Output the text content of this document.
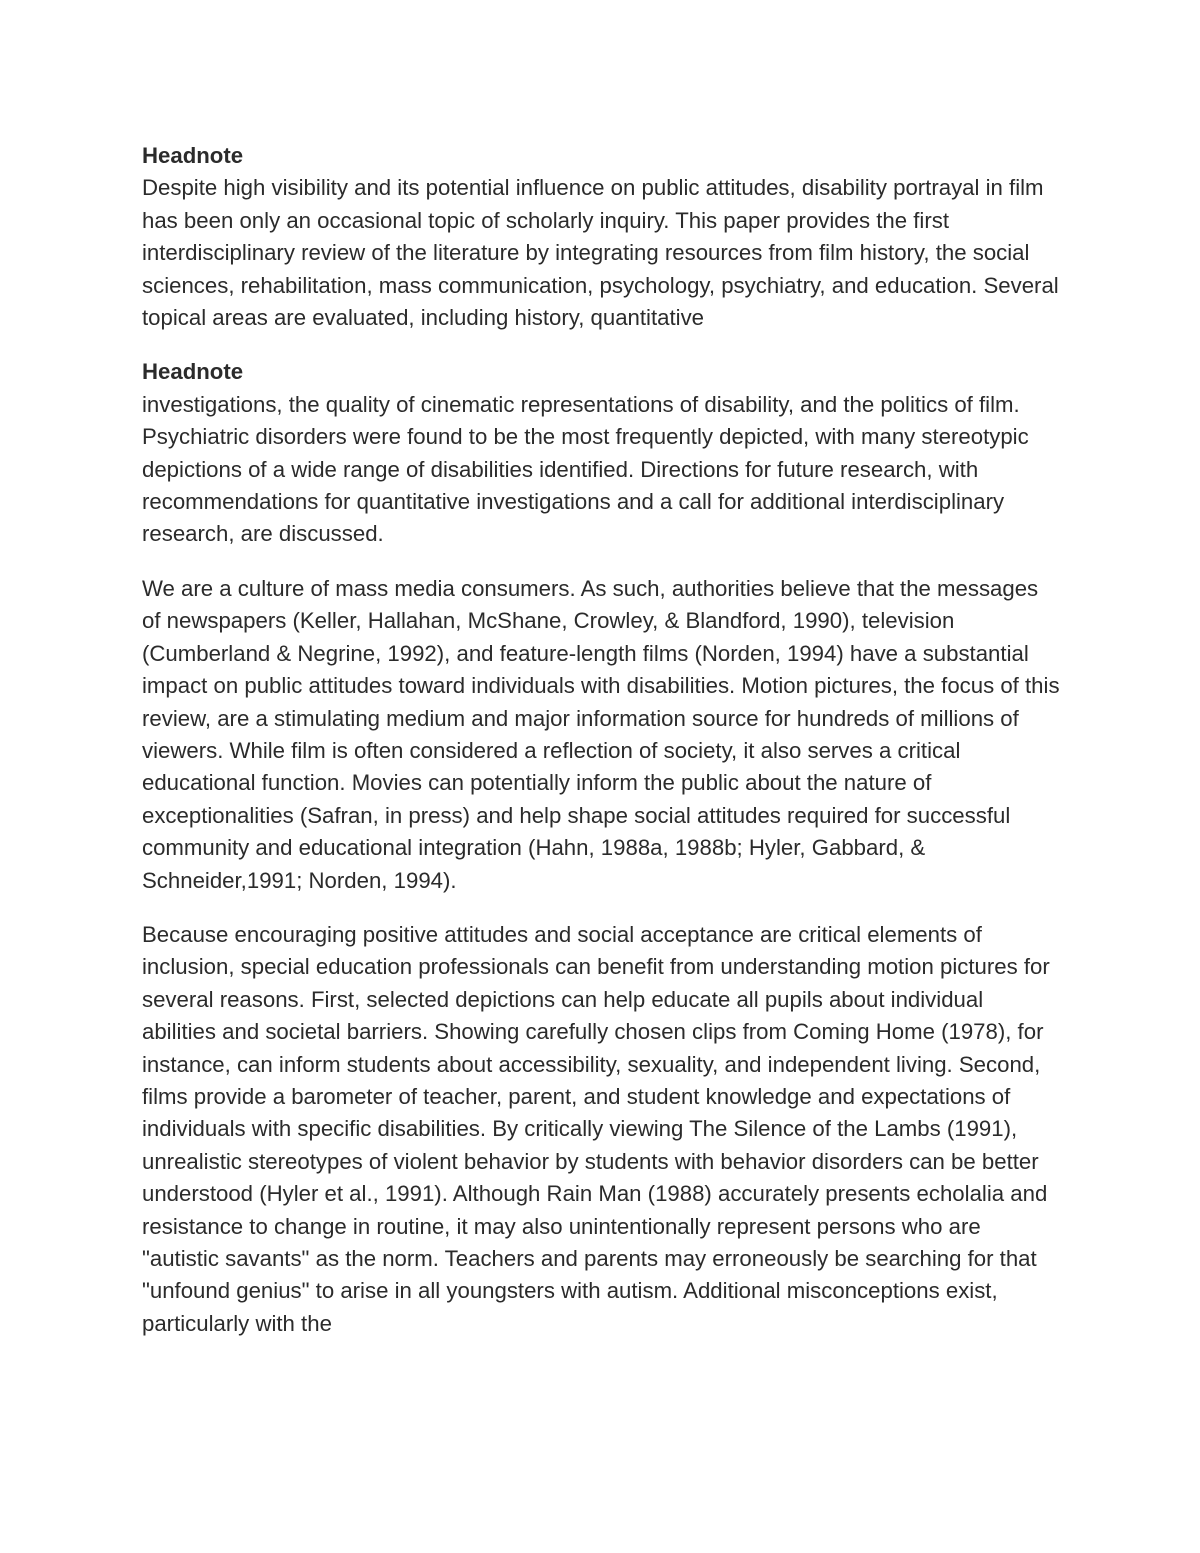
Headnote

Despite high visibility and its potential influence on public attitudes, disability portrayal in film has been only an occasional topic of scholarly inquiry. This paper provides the first interdisciplinary review of the literature by integrating resources from film history, the social sciences, rehabilitation, mass communication, psychology, psychiatry, and education. Several topical areas are evaluated, including history, quantitative

Headnote

investigations, the quality of cinematic representations of disability, and the politics of film. Psychiatric disorders were found to be the most frequently depicted, with many stereotypic depictions of a wide range of disabilities identified. Directions for future research, with recommendations for quantitative investigations and a call for additional interdisciplinary research, are discussed.

We are a culture of mass media consumers. As such, authorities believe that the messages of newspapers (Keller, Hallahan, McShane, Crowley, & Blandford, 1990), television (Cumberland & Negrine, 1992), and feature-length films (Norden, 1994) have a substantial impact on public attitudes toward individuals with disabilities. Motion pictures, the focus of this review, are a stimulating medium and major information source for hundreds of millions of viewers. While film is often considered a reflection of society, it also serves a critical educational function. Movies can potentially inform the public about the nature of exceptionalities (Safran, in press) and help shape social attitudes required for successful community and educational integration (Hahn, 1988a, 1988b; Hyler, Gabbard, & Schneider,1991; Norden, 1994).

Because encouraging positive attitudes and social acceptance are critical elements of inclusion, special education professionals can benefit from understanding motion pictures for several reasons. First, selected depictions can help educate all pupils about individual abilities and societal barriers. Showing carefully chosen clips from Coming Home (1978), for instance, can inform students about accessibility, sexuality, and independent living. Second, films provide a barometer of teacher, parent, and student knowledge and expectations of individuals with specific disabilities. By critically viewing The Silence of the Lambs (1991), unrealistic stereotypes of violent behavior by students with behavior disorders can be better understood (Hyler et al., 1991). Although Rain Man (1988) accurately presents echolalia and resistance to change in routine, it may also unintentionally represent persons who are "autistic savants" as the norm. Teachers and parents may erroneously be searching for that "unfound genius" to arise in all youngsters with autism. Additional misconceptions exist, particularly with the
